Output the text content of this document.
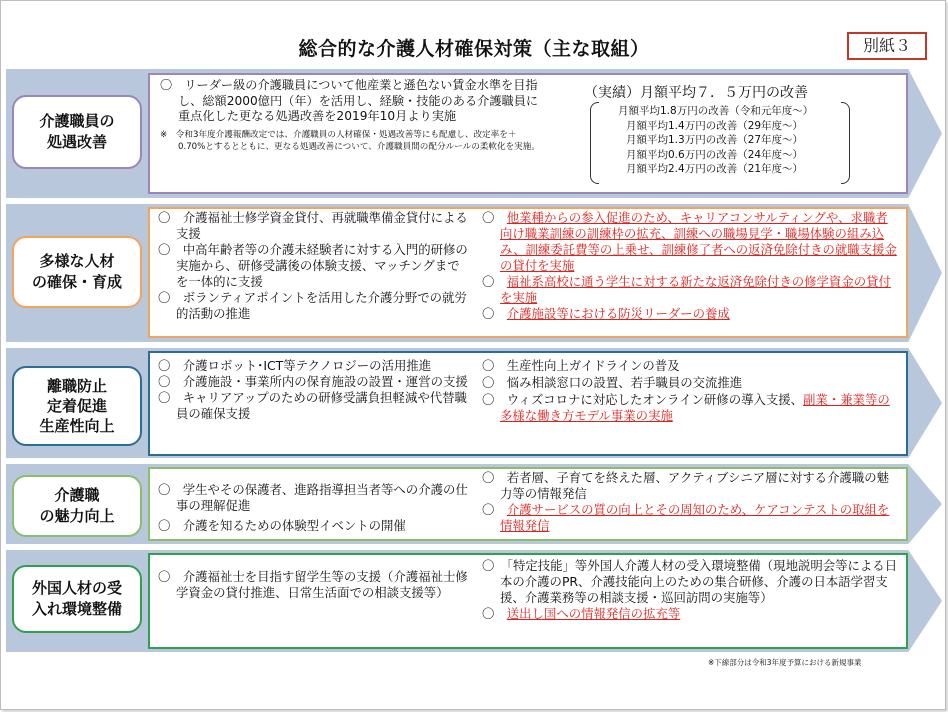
総合的な介護人材確保対策（主な取組）	別紙３
介護職員の
処遇改善

〇　リーダー級の介護職員について他産業と遜色ない賃金水準を目指し、総額2000億円（年）を活用し、経験・技能のある介護職員に重点化した更なる処遇改善を2019年10月より実施

※　令和3年度介護報酬改定では、介護職員の人材確保・処遇改善等にも配慮し、改定率を＋0.70%とするとともに、更なる処遇改善について、介護職員間の配分ルールの柔軟化を実施。

（実績）月額平均７．５万円の改善
月額平均1.8万円の改善（令和元年度～）
月額平均1.4万円の改善（29年度～）
月額平均1.3万円の改善（27年度～）
月額平均0.6万円の改善（24年度～）
月額平均2.4万円の改善（21年度～）
多様な人材
の確保・育成

〇　介護福祉士修学資金貸付、再就職準備金貸付による支援

〇　中高年齢者等の介護未経験者に対する入門的研修の実施から、研修受講後の体験支援、マッチングまでを一体的に支援

〇　ボランティアポイントを活用した介護分野での就労的活動の推進

〇　他業種からの参入促進のため、キャリアコンサルティングや、求職者向け職業訓練の訓練枠の拡充、訓練への職場見学・職場体験の組み込み、訓練委託費等の上乗せ、訓練修了者への返済免除付きの就職支援金の貸付を実施

〇　福祉系高校に通う学生に対する新たな返済免除付きの修学資金の貸付を実施

〇　介護施設等における防災リーダーの養成

離職防止
定着促進
生産性向上

〇　介護ロボット･ICT等テクノロジーの活用推進

〇　介護施設・事業所内の保育施設の設置・運営の支援

〇　キャリアアップのための研修受講負担軽減や代替職員の確保支援

〇　生産性向上ガイドラインの普及

〇　悩み相談窓口の設置、若手職員の交流推進

〇　ウィズコロナに対応したオンライン研修の導入支援、副業・兼業等の多様な働き方モデル事業の実施

介護職
の魅力向上

〇　学生やその保護者、進路指導担当者等への介護の仕事の理解促進

〇　介護を知るための体験型イベントの開催

〇　若者層、子育てを終えた層、アクティブシニア層に対する介護職の魅力等の情報発信

〇　介護サービスの質の向上とその周知のため、ケアコンテストの取組を情報発信

外国人材の受
入れ環境整備

〇　介護福祉士を目指す留学生等の支援（介護福祉士修学資金の貸付推進、日常生活面での相談支援等）

〇　「特定技能」等外国人介護人材の受入環境整備（現地説明会等による日本の介護のPR、介護技能向上のための集合研修、介護の日本語学習支援、介護業務等の相談支援・巡回訪問の実施等）

〇　送出し国への情報発信の拡充等

※下線部分は令和3年度予算における新規事業
